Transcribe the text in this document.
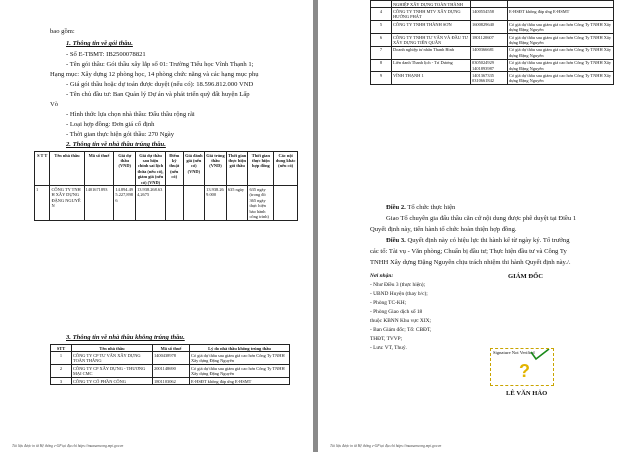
bao gồm:
1. Thông tin về gói thầu.
- Số E-TBMT: IB2500078821
- Tên gói thầu: Gói thầu xây lắp số 01: Trường Tiểu học Vĩnh Thạnh 1;
Hạng mục: Xây dựng 12 phòng học, 14 phòng chức năng và các hạng mục phụ
- Giá gói thầu hoặc dự toán được duyệt (nếu có): 18.596.812.000 VND
- Tên chủ đầu tư: Ban Quản lý Dự án và phát triển quỹ đất huyện Lấp
Vò
- Hình thức lựa chọn nhà thầu: Đấu thầu rộng rãi
- Loại hợp đồng: Đơn giá cố định
- Thời gian thực hiện gói thầu: 270 Ngày
2. Thông tin về nhà thầu trúng thầu.
S T T	Tên nhà thầu	Mã số thuế	Giá dự thầu (VND)	Giá dự thầu sau hiệu chỉnh sai lệch thừa (nếu có), giảm giá (nếu có) (VND)	Điểm kỹ thuật (nếu có)	Giá đánh giá (nếu có) (VND)	Giá trúng thầu (VND)	Thời gian thực hiện gói thầu	Thời gian thực hiện hợp đồng	Các nội dung khác (nếu có)
1	CÔNG TY TNHH XÂY DỰNG ĐẶNG NGUYÊN	1401671893	14.894.495.227,8986	13.938.268.634,2675			13.938.269.000	635 ngày	635 ngày (trong đó 365 ngày thực hiện bảo hành công trình)	
3. Thông tin về nhà thầu không trúng thầu.
STT	Tên nhà thầu	Mã số thuế	Lý do nhà thầu không trúng thầu
1	CÔNG TY CP TƯ VẤN XÂY DỰNG TOÀN THẮNG	1400438978	Có giá dự thầu sau giảm giá cao hơn Công Ty TNHH Xây dựng Đặng Nguyên
2	CÔNG TY CP XÂY DỰNG - THƯƠNG MẠI CMC	2001148690	Có giá dự thầu sau giảm giá cao hơn Công Ty TNHH Xây dựng Đặng Nguyên
3	CÔNG TY CỔ PHẦN CÔNG	1801103062	E-HSĐT không đáp ứng E-HSMT
Tài liệu được in từ Hệ thống e-GP tại địa chỉ https://muasamcong.mpi.gov.vn
	NGHIỆP XÂY DỰNG TOÀN THÀNH		
4	CÔNG TY TNHH MTV XÂY DỰNG HƯỚNG PHÁT	1400554558	E-HSĐT không đáp ứng E-HSMT
5	CÔNG TY TNHH THÀNH SƠN	1600829640	Có giá dự thầu sau giảm giá cao hơn Công Ty TNHH Xây dựng Đặng Nguyên
6	CÔNG TY TNHH TƯ VẤN VÀ ĐẦU TƯ XÂY DỰNG TIẾN QUÂN	1801120607	Có giá dự thầu sau giảm giá cao hơn Công Ty TNHH Xây dựng Đặng Nguyên
7	Doanh nghiệp tư nhân Thanh Bình	1400366681	Có giá dự thầu sau giảm giá cao hơn Công Ty TNHH Xây dựng Đặng Nguyên
8	Liên danh Thanh lịch - Trí Dương	0305024929 1401893987	Có giá dự thầu sau giảm giá cao hơn Công Ty TNHH Xây dựng Đặng Nguyên
9	VĨNH THẠNH 1	1401367335 0310661842	Có giá dự thầu sau giảm giá cao hơn Công Ty TNHH Xây dựng Đặng Nguyên
Điều 2. Tổ chức thực hiện
Giao Tổ chuyên gia đấu thầu căn cứ nội dung được phê duyệt tại Điều 1
Quyết định này, tiến hành tổ chức hoàn thiện hợp đồng.
Điều 3. Quyết định này có hiệu lực thi hành kể từ ngày ký. Tổ trưởng
các tổ: Tài vụ - Văn phòng; Chuẩn bị đầu tư; Thực hiện đầu tư và Công Ty
TNHH Xây dựng Đặng Nguyên chịu trách nhiệm thi hành Quyết định này./.
Nơi nhận:
- Như Điều 3 (thực hiện);
- UBND Huyện (thay b/c);
- Phòng TC-KH;
- Phòng Giao dịch số 18
thuộc KBNN Khu vực XIX;
- Ban Giám đốc; Tổ: CBĐT,
THĐT, TVVP;
- Lưu: VT, Thuý.
GIÁM ĐỐC
Signature Not Verified
?
LÊ VĂN HẢO
Tài liệu được in từ Hệ thống e-GP tại địa chỉ https://muasamcong.mpi.gov.vn
